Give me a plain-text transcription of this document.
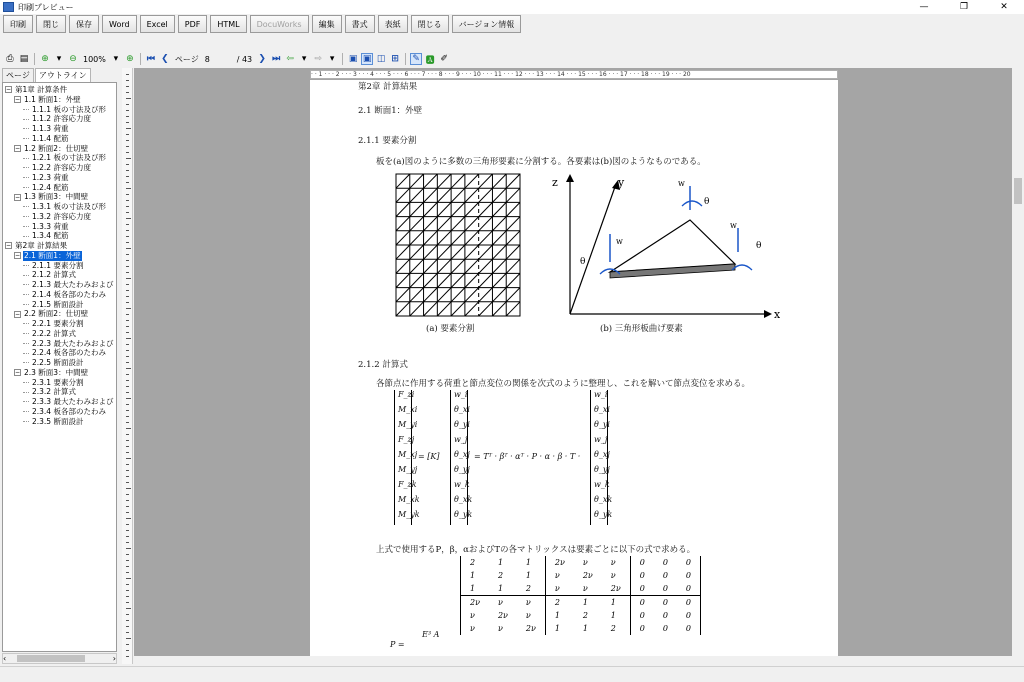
印刷プレビュー	—	❐	✕
印刷	閉じ	保存	Word	Excel	PDF	HTML	DocuWorks	編集	書式	表紙	閉じる	バージョン情報
⎙ ▤ ⊕ ▾ ⊖ 100% ▾ ⊕ ⏮ ❮ ページ 8	/ 43 ❯ ⏭ ⇦ ▾ ⇨ ▾	▣ ▣ ◫ ⊞ ✎ 🅰 ✐
ページ	アウトライン
− 第1章 計算条件
− 1.1 断面1：外壁
1.1.1 板の寸法及び形
1.1.2 許容応力度
1.1.3 荷重
1.1.4 配筋
− 1.2 断面2：仕切壁
1.2.1 板の寸法及び形
1.2.2 許容応力度
1.2.3 荷重
1.2.4 配筋
− 1.3 断面3：中間壁
1.3.1 板の寸法及び形
1.3.2 許容応力度
1.3.3 荷重
1.3.4 配筋
− 第2章 計算結果
− 2.1 断面1：外壁
2.1.1 要素分割
2.1.2 計算式
2.1.3 最大たわみおよび
2.1.4 板各部のたわみ
2.1.5 断面設計
− 2.2 断面2：仕切壁
2.2.1 要素分割
2.2.2 計算式
2.2.3 最大たわみおよび
2.2.4 板各部のたわみ
2.2.5 断面設計
− 2.3 断面3：中間壁
2.3.1 要素分割
2.3.2 計算式
2.3.3 最大たわみおよび
2.3.4 板各部のたわみ
2.3.5 断面設計
‹	›
第2章 計算結果
2.1 断面1：外壁
2.1.1 要素分割
板を(a)図のように多数の三角形要素に分割する。各要素は(b)図のようなものである。
(a) 要素分割
z	y
x
w
w
w
θ
θ
θ
(b) 三角形板曲げ要素
2.1.2 計算式
各節点に作用する荷重と節点変位の関係を次式のように整理し、これを解いて節点変位を求める。
F_zi
M_xi
M_yi
F_zj
M_xj
M_yj
F_zk
M_xk
M_yk
= [K]
w_i
θ_xi
θ_yi
w_j
θ_xj
θ_yj
w_k
θ_xk
θ_yk
= Tᵀ · βᵀ · αᵀ · P · α · β · T ·
w_i
θ_xi
θ_yi
w_j
θ_xj
θ_yj
w_k
θ_xk
θ_yk
上式で使用するP，β，αおよびTの各マトリックスは要素ごとに以下の式で求める。
P =
E³ A
2	1	1	2ν	ν	ν	0	0	0
1	2	1	ν	2ν	ν	0	0	0
1	1	2	ν	ν	2ν	0	0	0
2ν	ν	ν	2	1	1	0	0	0
ν	2ν	ν	1	2	1	0	0	0
ν	ν	2ν	1	1	2	0	0	0
· · 1 · · · 2 · · · 3 · · · 4 · · · 5 · · · 6 · · · 7 · · · 8 · · · 9 · · · 10 · · · 11 · · · 12 · · · 13 · · · 14 · · · 15 · · · 16 · · · 17 · · · 18 · · · 19 · · · 20
